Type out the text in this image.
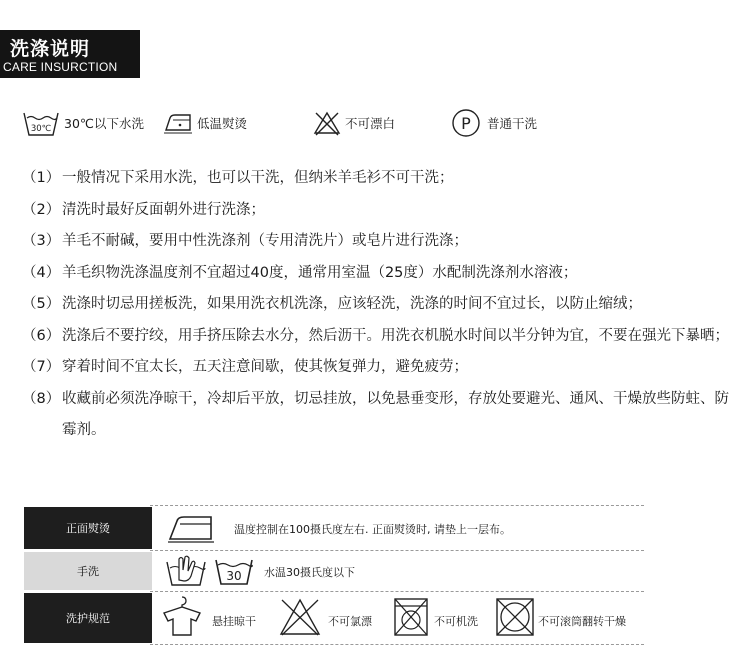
洗涤说明
CARE INSURCTION
30℃ 30℃以下水洗	低温熨烫	不可漂白	P 普通干洗
（1） 一般情况下采用水洗，也可以干洗，但纳米羊毛衫不可干洗；
（2） 清洗时最好反面朝外进行洗涤；
（3） 羊毛不耐碱，要用中性洗涤剂（专用清洗片）或皂片进行洗涤；
（4） 羊毛织物洗涤温度剂不宜超过40度，通常用室温（25度）水配制洗涤剂水溶液；
（5） 洗涤时切忌用搓板洗，如果用洗衣机洗涤，应该轻洗，洗涤的时间不宜过长，以防止缩绒；
（6） 洗涤后不要拧绞，用手挤压除去水分，然后沥干。用洗衣机脱水时间以半分钟为宜，不要在强光下暴晒；
（7） 穿着时间不宜太长，五天注意间歇，使其恢复弹力，避免疲劳；
（8） 收藏前必须洗净晾干，冷却后平放，切忌挂放，以免悬垂变形，存放处要避光、通风、干燥放些防蛀、防霉剂。
正面熨烫	温度控制在100摄氏度左右. 正面熨烫时, 请垫上一层布。
手洗	30 水温30摄氏度以下
洗护规范	悬挂晾干	不可氯漂	不可机洗	不可滚筒翻转干燥
